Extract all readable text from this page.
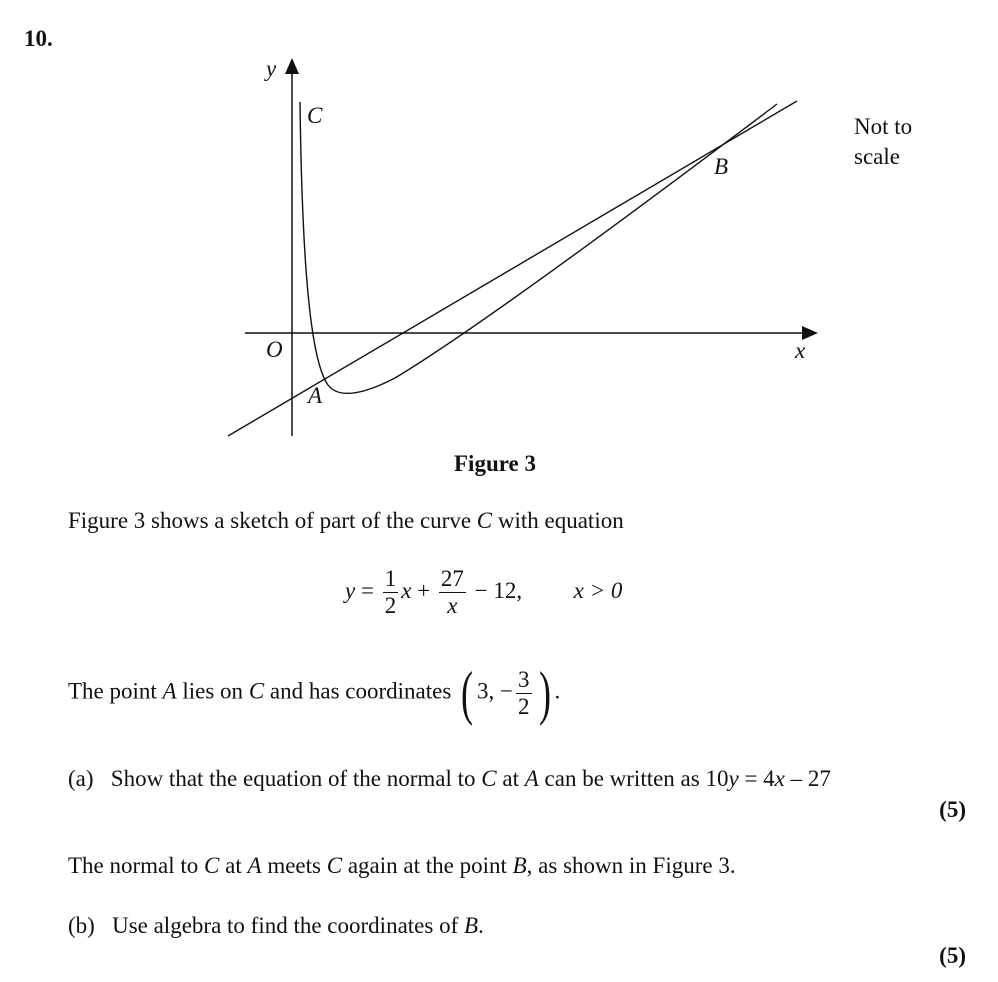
10.
y
x
O
C
A
B
Not to
scale
Figure 3
Figure 3 shows a sketch of part of the curve C with equation
$y = \frac{1}{2}$ $x + \frac{27}{x} - 12$, x > 0
The point A lies on C and has coordinates ( 3, − $\frac{3}{2}$ ) .
(a) Show that the equation of the normal to C at A can be written as 10y = 4x – 27
(5)
The normal to C at A meets C again at the point B, as shown in Figure 3.
(b) Use algebra to find the coordinates of B.
(5)
